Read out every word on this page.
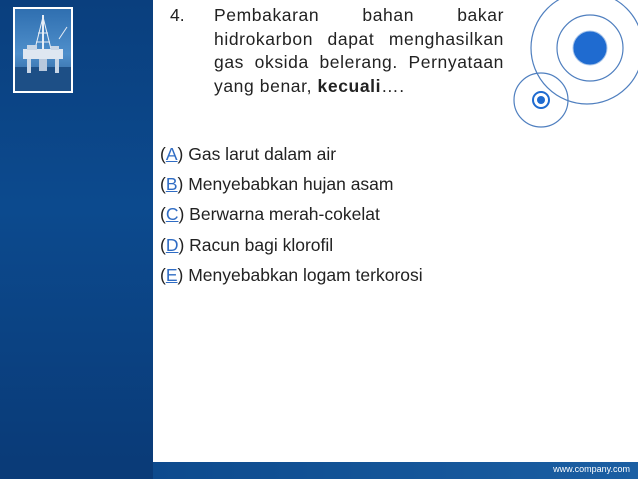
www.company.com
4. Pembakaran bahan bakar hidrokarbon dapat menghasilkan gas oksida belerang. Pernyataan yang benar, kecuali….
(A) Gas larut dalam air
(B) Menyebabkan hujan asam
(C) Berwarna merah-cokelat
(D) Racun bagi klorofil
(E) Menyebabkan logam terkorosi
